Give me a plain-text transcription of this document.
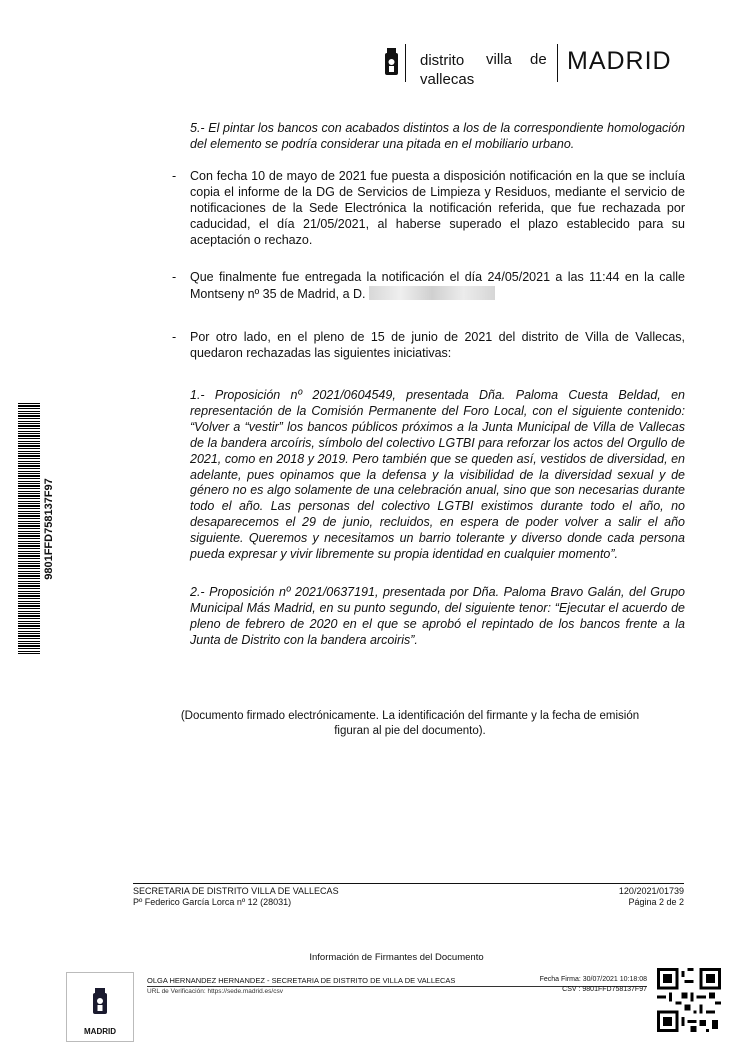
distrito
vallecas
villa de MADRID
5.- El pintar los bancos con acabados distintos a los de la correspondiente homologación del elemento se podría considerar una pitada en el mobiliario urbano.
- Con fecha 10 de mayo de 2021 fue puesta a disposición notificación en la que se incluía copia el informe de la DG de Servicios de Limpieza y Residuos, mediante el servicio de notificaciones de la Sede Electrónica la notificación referida, que fue rechazada por caducidad, el día 21/05/2021, al haberse superado el plazo establecido para su aceptación o rechazo.
- Que finalmente fue entregada la notificación el día 24/05/2021 a las 11:44 en la calle Montseny nº 35 de Madrid, a D.
- Por otro lado, en el pleno de 15 de junio de 2021 del distrito de Villa de Vallecas, quedaron rechazadas las siguientes iniciativas:
1.- Proposición nº 2021/0604549, presentada Dña. Paloma Cuesta Beldad, en representación de la Comisión Permanente del Foro Local, con el siguiente contenido: “Volver a “vestir” los bancos públicos próximos a la Junta Municipal de Villa de Vallecas de la bandera arcoíris, símbolo del colectivo LGTBI para reforzar los actos del Orgullo de 2021, como en 2018 y 2019. Pero también que se queden así, vestidos de diversidad, en adelante, pues opinamos que la defensa y la visibilidad de la diversidad sexual y de género no es algo solamente de una celebración anual, sino que son necesarias durante todo el año. Las personas del colectivo LGTBI existimos durante todo el año, no desaparecemos el 29 de junio, recluidos, en espera de poder volver a salir el año siguiente. Queremos y necesitamos un barrio tolerante y diverso donde cada persona pueda expresar y vivir libremente su propia identidad en cualquier momento”.
2.- Proposición nº 2021/0637191, presentada por Dña. Paloma Bravo Galán, del Grupo Municipal Más Madrid, en su punto segundo, del siguiente tenor: “Ejecutar el acuerdo de pleno de febrero de 2020 en el que se aprobó el repintado de los bancos frente a la Junta de Distrito con la bandera arcoiris”.
(Documento firmado electrónicamente. La identificación del firmante y la fecha de emisión
figuran al pie del documento).
9801FFD758137F97
SECRETARIA DE DISTRITO VILLA DE VALLECAS
Pº Federico García Lorca nº 12 (28031)
120/2021/01739
Página 2 de 2
Información de Firmantes del Documento
MADRID
OLGA HERNANDEZ HERNANDEZ - SECRETARIA DE DISTRITO DE VILLA DE VALLECAS
URL de Verificación: https://sede.madrid.es/csv
Fecha Firma: 30/07/2021 10:18:08
CSV : 9801FFD758137F97
